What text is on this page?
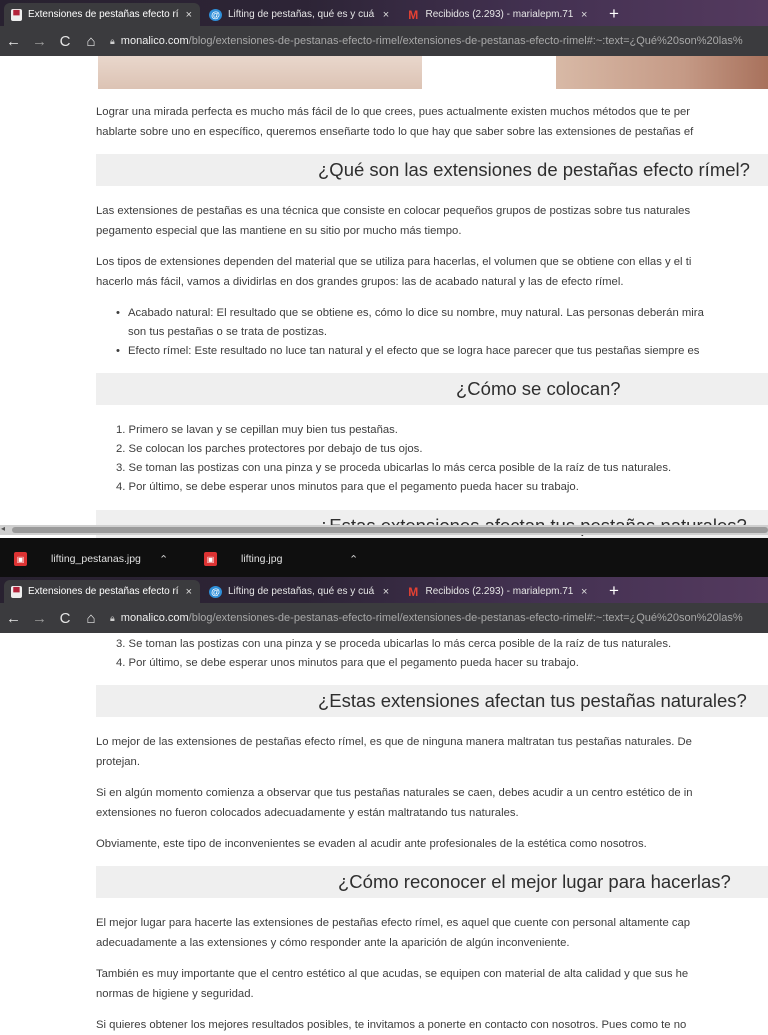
▀ Extensiones de pestañas efecto rí × @ Lifting de pestañas, qué es y cuá × M Recibidos (2.293) - marialepm.71 × +
← → C ⌂ 🔒︎ monalico.com/blog/extensiones-de-pestanas-efecto-rimel/extensiones-de-pestanas-efecto-rimel#:~:text=¿Qué%20son%20las%
Lograr una mirada perfecta es mucho más fácil de lo que crees, pues actualmente existen muchos métodos que te per
hablarte sobre uno en específico, queremos enseñarte todo lo que hay que saber sobre las extensiones de pestañas ef
¿Qué son las extensiones de pestañas efecto rímel?
Las extensiones de pestañas es una técnica que consiste en colocar pequeños grupos de postizas sobre tus naturales
pegamento especial que las mantiene en su sitio por mucho más tiempo.
Los tipos de extensiones dependen del material que se utiliza para hacerlas, el volumen que se obtiene con ellas y el ti
hacerlo más fácil, vamos a dividirlas en dos grandes grupos: las de acabado natural y las de efecto rímel.
• Acabado natural: El resultado que se obtiene es, cómo lo dice su nombre, muy natural. Las personas deberán mira
son tus pestañas o se trata de postizas.
• Efecto rímel: Este resultado no luce tan natural y el efecto que se logra hace parecer que tus pestañas siempre es
¿Cómo se colocan?
1. Primero se lavan y se cepillan muy bien tus pestañas.
2. Se colocan los parches protectores por debajo de tus ojos.
3. Se toman las postizas con una pinza y se proceda ubicarlas lo más cerca posible de la raíz de tus naturales.
4. Por último, se debe esperar unos minutos para que el pegamento pueda hacer su trabajo.
◂
▣	lifting_pestanas.jpg	⌃	▣	lifting.jpg	⌃
▀ Extensiones de pestañas efecto rí × @ Lifting de pestañas, qué es y cuá × M Recibidos (2.293) - marialepm.71 × +
← → C ⌂ 🔒︎ monalico.com/blog/extensiones-de-pestanas-efecto-rimel/extensiones-de-pestanas-efecto-rimel#:~:text=¿Qué%20son%20las%
3. Se toman las postizas con una pinza y se proceda ubicarlas lo más cerca posible de la raíz de tus naturales.
4. Por último, se debe esperar unos minutos para que el pegamento pueda hacer su trabajo.
¿Estas extensiones afectan tus pestañas naturales?
Lo mejor de las extensiones de pestañas efecto rímel, es que de ninguna manera maltratan tus pestañas naturales. De
protejan.
Si en algún momento comienza a observar que tus pestañas naturales se caen, debes acudir a un centro estético de in
extensiones no fueron colocados adecuadamente y están maltratando tus naturales.
Obviamente, este tipo de inconvenientes se evaden al acudir ante profesionales de la estética como nosotros.
¿Cómo reconocer el mejor lugar para hacerlas?
El mejor lugar para hacerte las extensiones de pestañas efecto rímel, es aquel que cuente con personal altamente cap
adecuadamente a las extensiones y cómo responder ante la aparición de algún inconveniente.
También es muy importante que el centro estético al que acudas, se equipen con material de alta calidad y que sus he
normas de higiene y seguridad.
Si quieres obtener los mejores resultados posibles, te invitamos a ponerte en contacto con nosotros. Pues como te no
